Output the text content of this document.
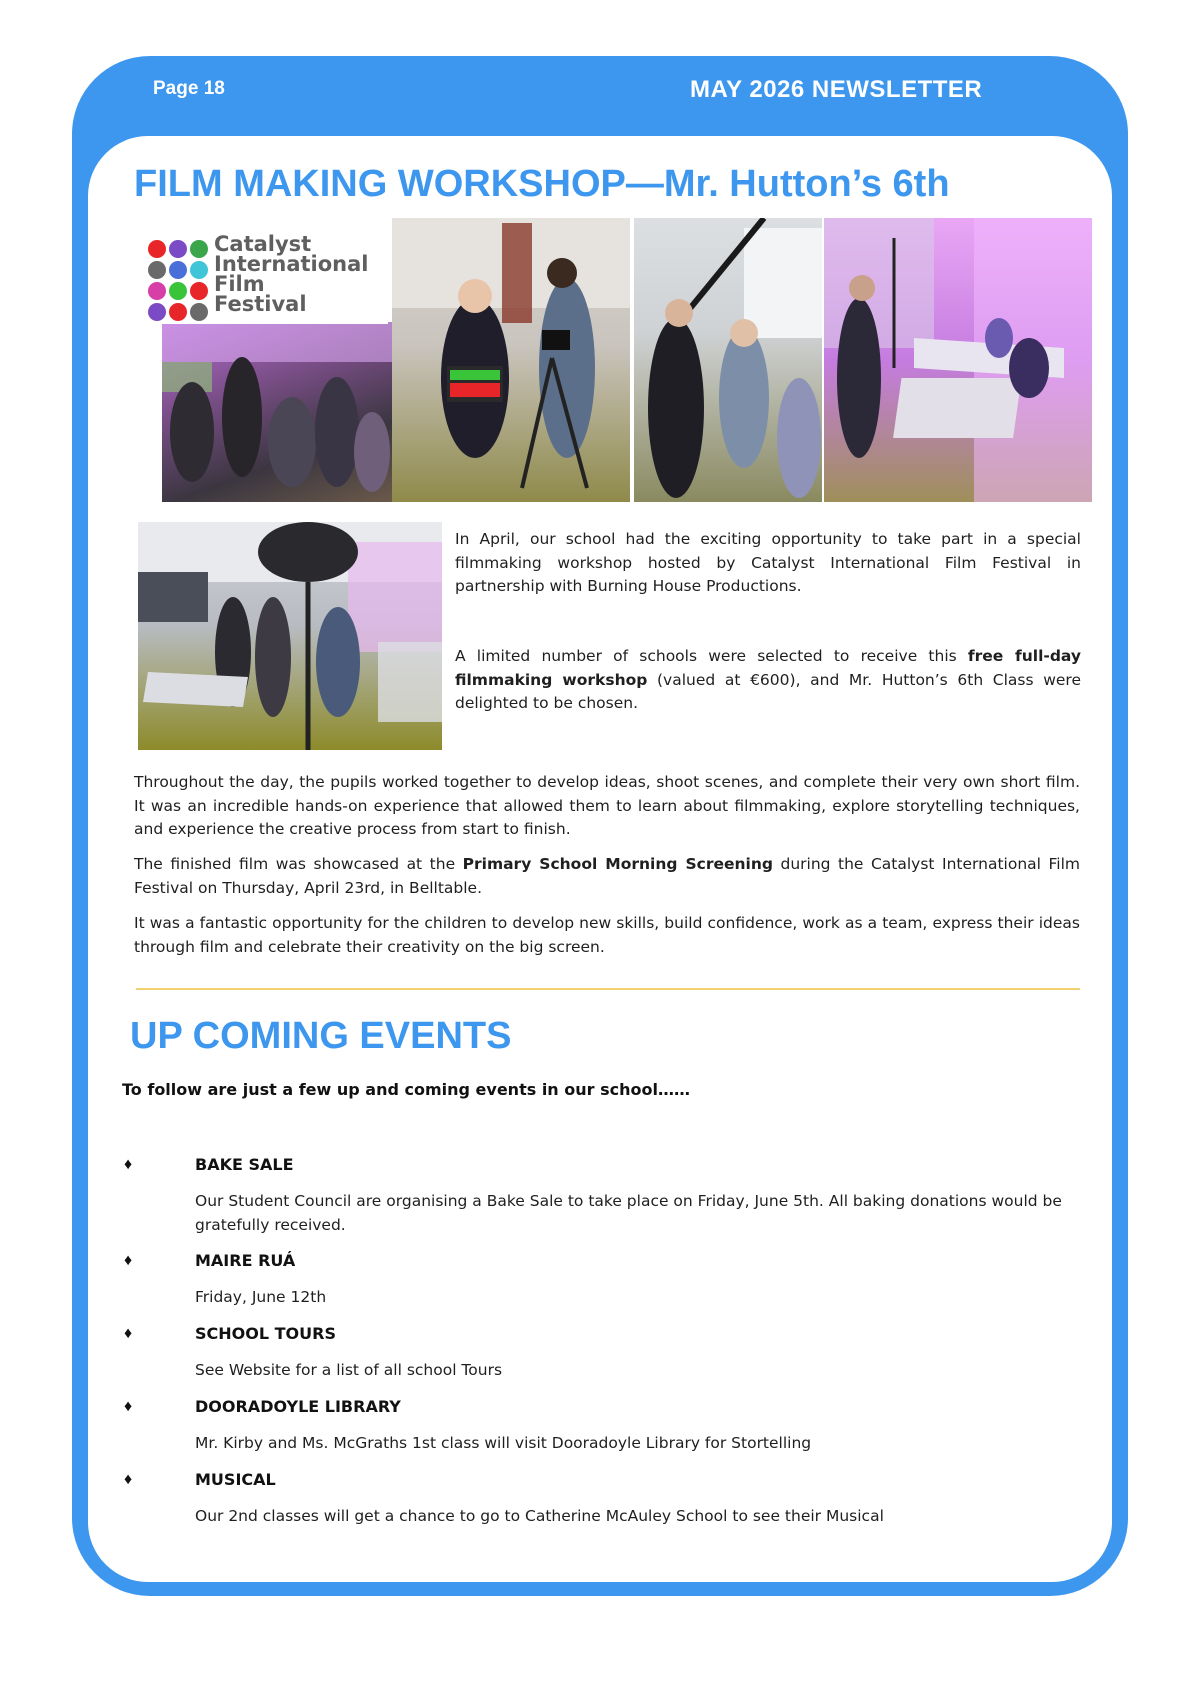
Page 18	MAY 2026 NEWSLETTER
FILM MAKING WORKSHOP—Mr. Hutton’s 6th
Catalyst
International
Film
Festival
In April, our school had the exciting opportunity to take part in a special filmmaking workshop hosted by Catalyst International Film Festival in partnership with Burning House Productions.
A limited number of schools were selected to receive this free full-day filmmaking workshop (valued at €600), and Mr. Hutton’s 6th Class were delighted to be chosen.
Throughout the day, the pupils worked together to develop ideas, shoot scenes, and complete their very own short film. It was an incredible hands-on experience that allowed them to learn about filmmaking, explore storytelling techniques, and experience the creative process from start to finish.
The finished film was showcased at the Primary School Morning Screening during the Catalyst International Film Festival on Thursday, April 23rd, in Belltable.
It was a fantastic opportunity for the children to develop new skills, build confidence, work as a team, express their ideas through film and celebrate their creativity on the big screen.
UP COMING EVENTS
To follow are just a few up and coming events in our school……
♦	BAKE SALE
Our Student Council are organising a Bake Sale to take place on Friday, June 5th. All baking donations would be gratefully received.
♦	MAIRE RUÁ
Friday, June 12th
♦	SCHOOL TOURS
See Website for a list of all school Tours
♦	DOORADOYLE LIBRARY
Mr. Kirby and Ms. McGraths 1st class will visit Dooradoyle Library for Stortelling
♦	MUSICAL
Our 2nd classes will get a chance to go to Catherine McAuley School to see their Musical
